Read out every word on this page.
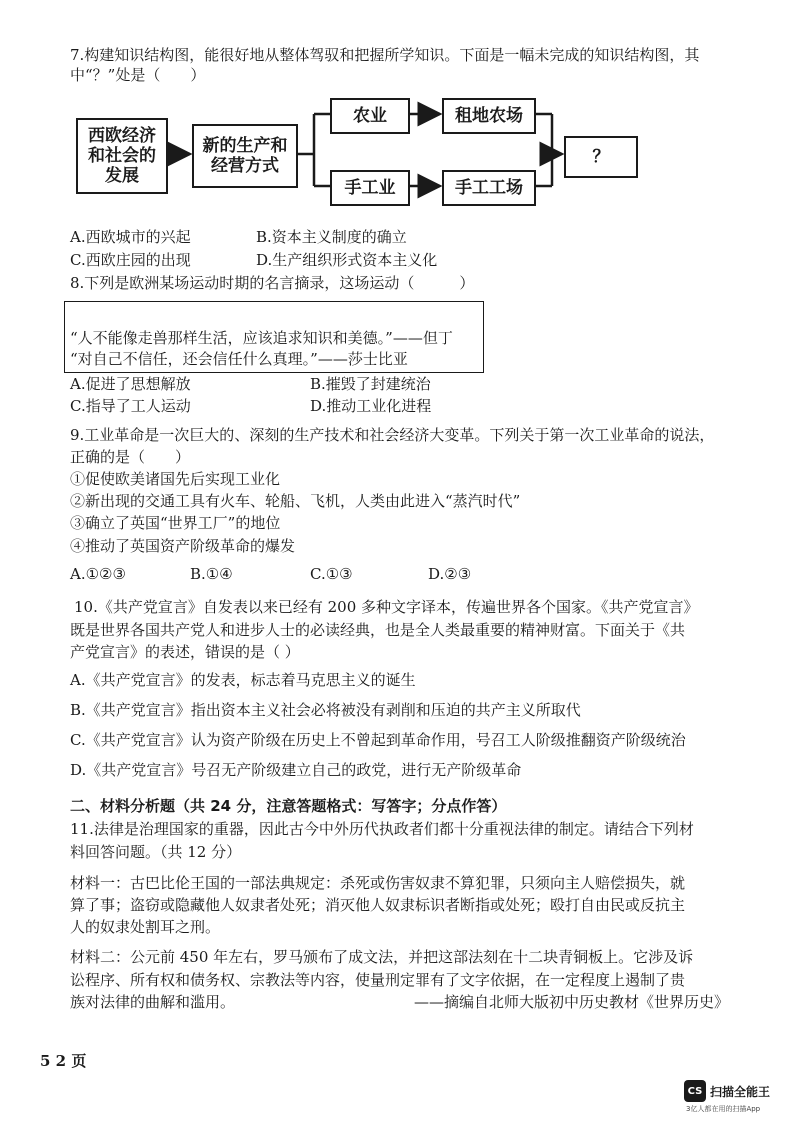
7.构建知识结构图，能很好地从整体驾驭和把握所学知识。下面是一幅未完成的知识结构图，其
中“？”处是（　　）
西欧经济
和社会的
发展
新的生产和
经营方式
农业	租地农场
手工业	手工工场
？
A.西欧城市的兴起	B.资本主义制度的确立
C.西欧庄园的出现	D.生产组织形式资本主义化
8.下列是欧洲某场运动时期的名言摘录，这场运动（　　　）
“人不能像走兽那样生活，应该追求知识和美德。”——但丁
“对自己不信任，还会信任什么真理。”——莎士比亚
A.促进了思想解放	B.摧毁了封建统治
C.指导了工人运动	D.推动工业化进程
9.工业革命是一次巨大的、深刻的生产技术和社会经济大变革。下列关于第一次工业革命的说法，
正确的是（　　）
①促使欧美诸国先后实现工业化
②新出现的交通工具有火车、轮船、飞机，人类由此进入“蒸汽时代”
③确立了英国“世界工厂”的地位
④推动了英国资产阶级革命的爆发
A.①②③	B.①④	C.①③	D.②③
10.《共产党宣言》自发表以来已经有 200 多种文字译本，传遍世界各个国家。《共产党宣言》
既是世界各国共产党人和进步人士的必读经典，也是全人类最重要的精神财富。下面关于《共
产党宣言》的表述，错误的是（ ）
A.《共产党宣言》的发表，标志着马克思主义的诞生
B.《共产党宣言》指出资本主义社会必将被没有剥削和压迫的共产主义所取代
C.《共产党宣言》认为资产阶级在历史上不曾起到革命作用，号召工人阶级推翻资产阶级统治
D.《共产党宣言》号召无产阶级建立自己的政党，进行无产阶级革命
二、材料分析题（共 24 分，注意答题格式：写答字；分点作答）
11.法律是治理国家的重器，因此古今中外历代执政者们都十分重视法律的制定。请结合下列材
料回答问题。（共 12 分）
材料一：古巴比伦王国的一部法典规定：杀死或伤害奴隶不算犯罪，只须向主人赔偿损失，就
算了事；盗窃或隐藏他人奴隶者处死；消灭他人奴隶标识者断指或处死；殴打自由民或反抗主
人的奴隶处割耳之刑。
材料二：公元前 450 年左右，罗马颁布了成文法，并把这部法刻在十二块青铜板上。它涉及诉
讼程序、所有权和债务权、宗教法等内容，使量刑定罪有了文字依据，在一定程度上遏制了贵
族对法律的曲解和滥用。	——摘编自北师大版初中历史教材《世界历史》
5 2 页
CS 扫描全能王
3亿人都在用的扫描App
